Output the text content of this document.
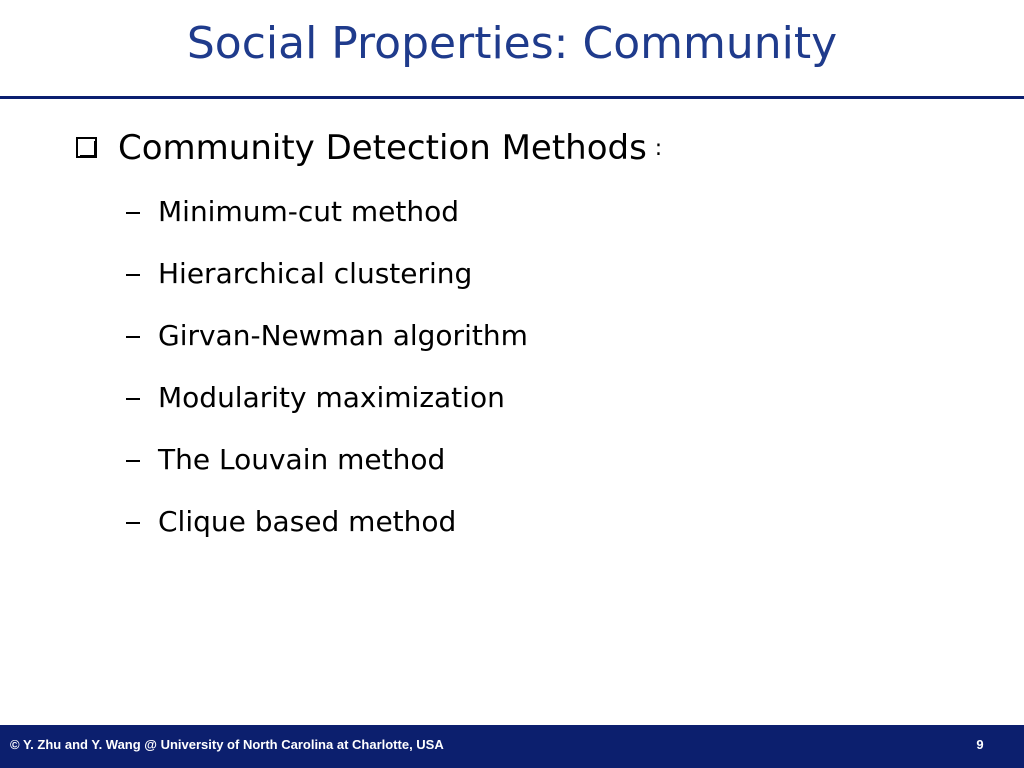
Social Properties: Community
Community Detection Methods :
Minimum-cut method
Hierarchical clustering
Girvan-Newman algorithm
Modularity maximization
The Louvain method
Clique based method
© Y. Zhu and Y. Wang @ University of North Carolina at Charlotte, USA	9
